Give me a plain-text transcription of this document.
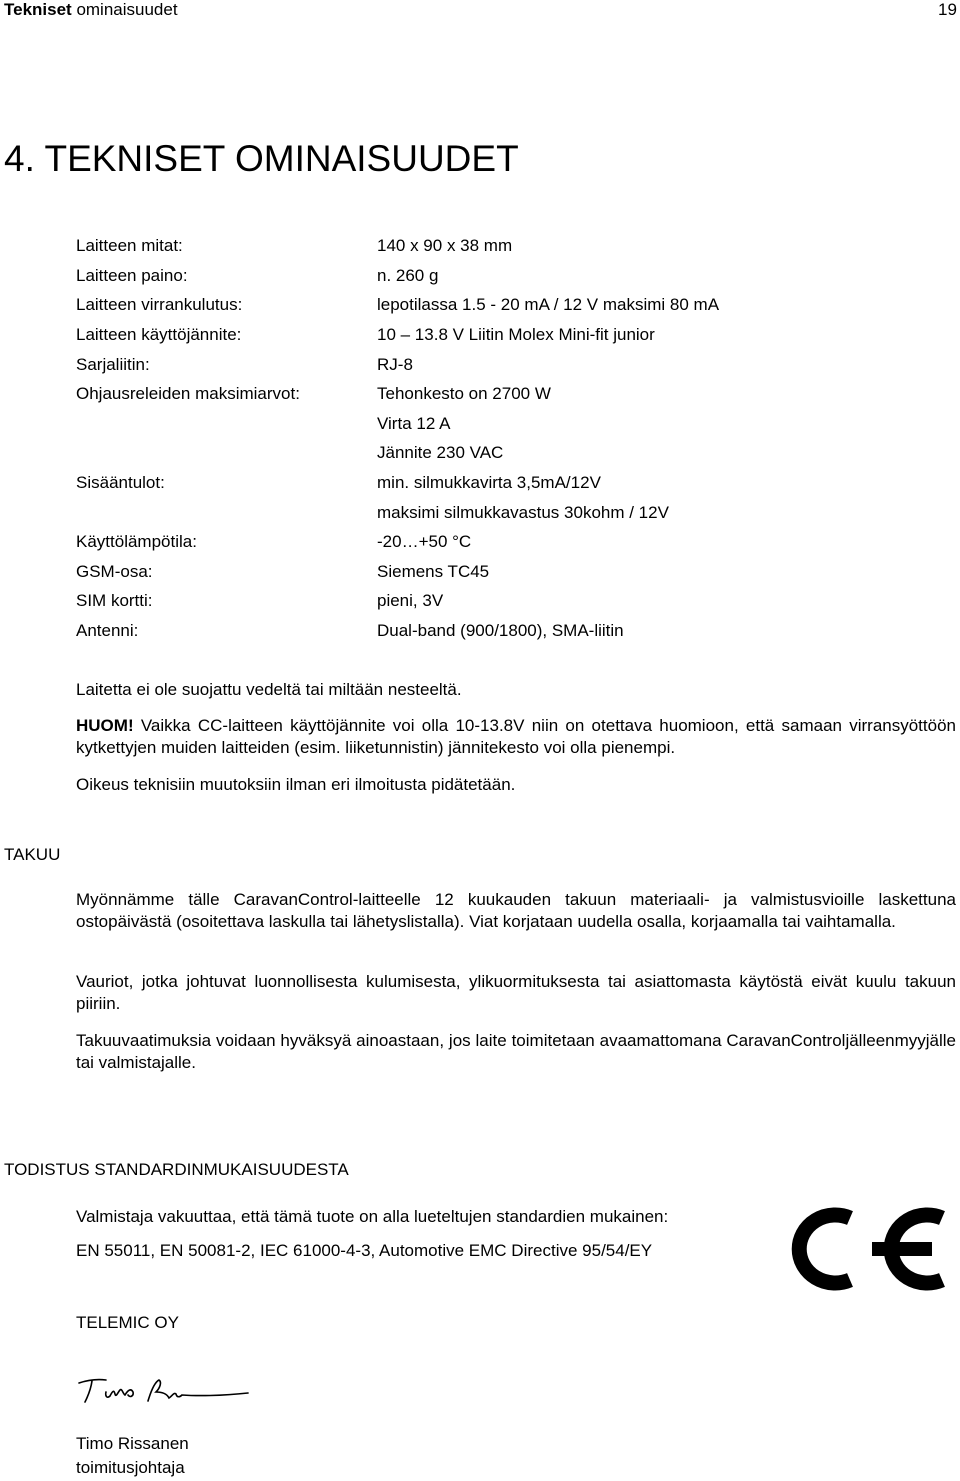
Tekniset ominaisuudet	19
4. TEKNISET OMINAISUUDET
Laitteen mitat:	140 x 90 x 38 mm
Laitteen paino:	n. 260 g
Laitteen virrankulutus:	lepotilassa 1.5 - 20 mA / 12 V maksimi 80 mA
Laitteen käyttöjännite:	10 – 13.8 V Liitin Molex Mini-fit junior
Sarjaliitin:	RJ-8
Ohjausreleiden maksimiarvot:	Tehonkesto on 2700 W
Virta 12 A
Jännite 230 VAC
Sisääntulot:	min. silmukkavirta 3,5mA/12V
maksimi silmukkavastus 30kohm / 12V
Käyttölämpötila:	-20…+50 °C
GSM-osa:	Siemens TC45
SIM kortti:	pieni, 3V
Antenni:	Dual-band (900/1800), SMA-liitin
Laitetta ei ole suojattu vedeltä tai miltään nesteeltä.
HUOM! Vaikka CC-laitteen käyttöjännite voi olla 10-13.8V niin on otettava huomioon, että samaan virransyöttöön kytkettyjen muiden laitteiden (esim. liiketunnistin) jännitekesto voi olla pienempi.
Oikeus teknisiin muutoksiin ilman eri ilmoitusta pidätetään.
TAKUU
Myönnämme tälle CaravanControl-laitteelle 12 kuukauden takuun materiaali- ja valmistusvioille laskettuna ostopäivästä (osoitettava laskulla tai lähetyslistalla). Viat korjataan uudella osalla, korjaamalla tai vaihtamalla.
Vauriot, jotka johtuvat luonnollisesta kulumisesta, ylikuormituksesta tai asiattomasta käytöstä eivät kuulu takuun piiriin.
Takuuvaatimuksia voidaan hyväksyä ainoastaan, jos laite toimitetaan avaamattomana CaravanControljälleenmyyjälle tai valmistajalle.
TODISTUS STANDARDINMUKAISUUDESTA
Valmistaja vakuuttaa, että tämä tuote on alla lueteltujen standardien mukainen:
EN 55011, EN 50081-2, IEC 61000-4-3, Automotive EMC Directive 95/54/EY
TELEMIC OY
Timo Rissanen
toimitusjohtaja
